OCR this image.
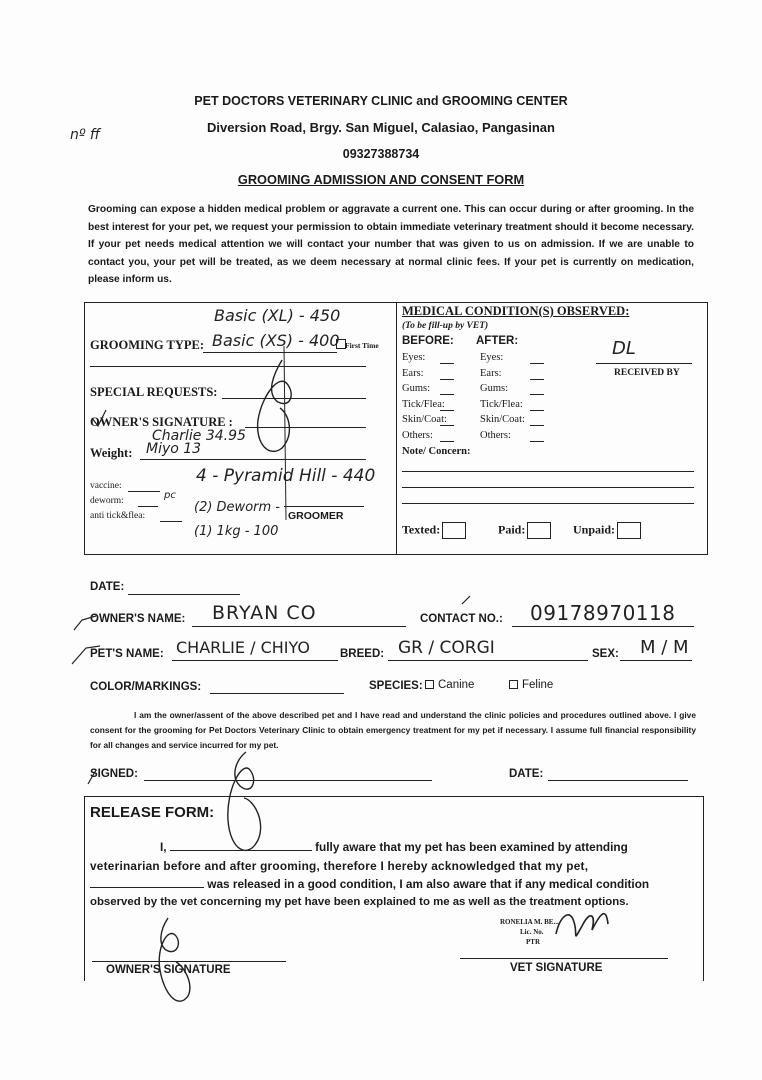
PET DOCTORS VETERINARY CLINIC and GROOMING CENTER
Diversion Road, Brgy. San Miguel, Calasiao, Pangasinan
09327388734
GROOMING ADMISSION AND CONSENT FORM
nº ff
Grooming can expose a hidden medical problem or aggravate a current one. This can occur during or after grooming. In the best interest for your pet, we request your permission to obtain immediate veterinary treatment should it become necessary. If your pet needs medical attention we will contact your number that was given to us on admission. If we are unable to contact you, your pet will be treated, as we deem necessary at normal clinic fees. If your pet is currently on medication, please inform us.
Basic (XL) - 450
GROOMING TYPE: Basic (XS) - 400 First Time
SPECIAL REQUESTS:
OWNER'S SIGNATURE :
Charlie 34.95
Weight: Miyo 13
4 - Pyramid Hill - 440
vaccine:
deworm:	pc
anti tick&flea:
(2) Deworm -
GROOMER
(1) 1kg - 100
MEDICAL CONDITION(S) OBSERVED:
(To be fill-up by VET)
BEFORE: AFTER:
Eyes:	Eyes:
Ears:	Ears:
Gums:	Gums:
Tick/Flea:	Tick/Flea:
Skin/Coat:	Skin/Coat:
Others:	Others:
DL
RECEIVED BY
Note/ Concern:
Texted:	Paid:	Unpaid:
DATE:
OWNER'S NAME: BRYAN CO	CONTACT NO.: 09178970118
PET'S NAME: CHARLIE / CHIYO	BREED: GR / CORGI	SEX: M / M
COLOR/MARKINGS:	SPECIES:	Canine	Feline
I am the owner/assent of the above described pet and I have read and understand the clinic policies and procedures outlined above. I give consent for the grooming for Pet Doctors Veterinary Clinic to obtain emergency treatment for my pet if necessary. I assume full financial responsibility for all changes and service incurred for my pet.
SIGNED:	DATE:
RELEASE FORM:
I,	fully aware that my pet has been examined by attending
veterinarian before and after grooming, therefore I hereby acknowledged that my pet,
was released in a good condition, I am also aware that if any medical condition
observed by the vet concerning my pet have been explained to me as well as the treatment options.
RONELIA M. BE...
Lic. No.
PTR
OWNER'S SIGNATURE	VET SIGNATURE
